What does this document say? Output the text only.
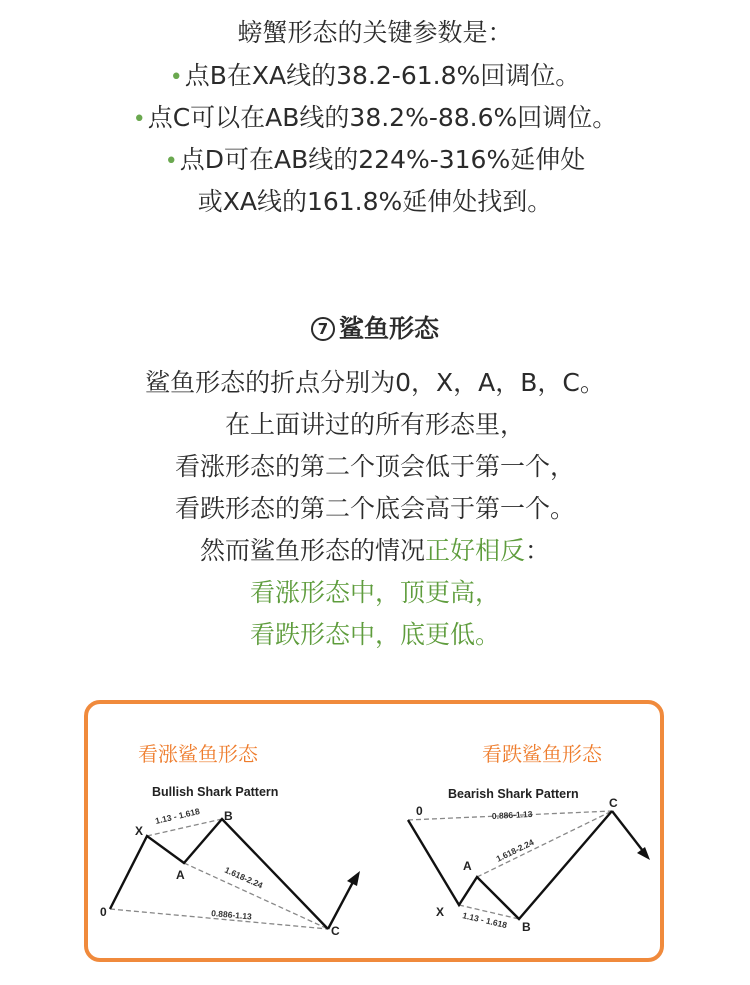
螃蟹形态的关键参数是：
•点B在XA线的38.2-61.8%回调位。
•点C可以在AB线的38.2%-88.6%回调位。
•点D可在AB线的224%-316%延伸处
或XA线的161.8%延伸处找到。
7 鲨鱼形态
鲨鱼形态的折点分别为0，X，A，B，C。
在上面讲过的所有形态里，
看涨形态的第二个顶会低于第一个，
看跌形态的第二个底会高于第一个。
然而鲨鱼形态的情况正好相反：
看涨形态中，顶更高，
看跌形态中，底更低。
看涨鲨鱼形态	看跌鲨鱼形态
Bullish Shark Pattern
0
X
A
B
C
1.13 - 1.618
1.618-2.24
0.886-1.13
Bearish Shark Pattern
0
X
A
B
C
0.886-1.13
1.618-2.24
1.13 - 1.618
